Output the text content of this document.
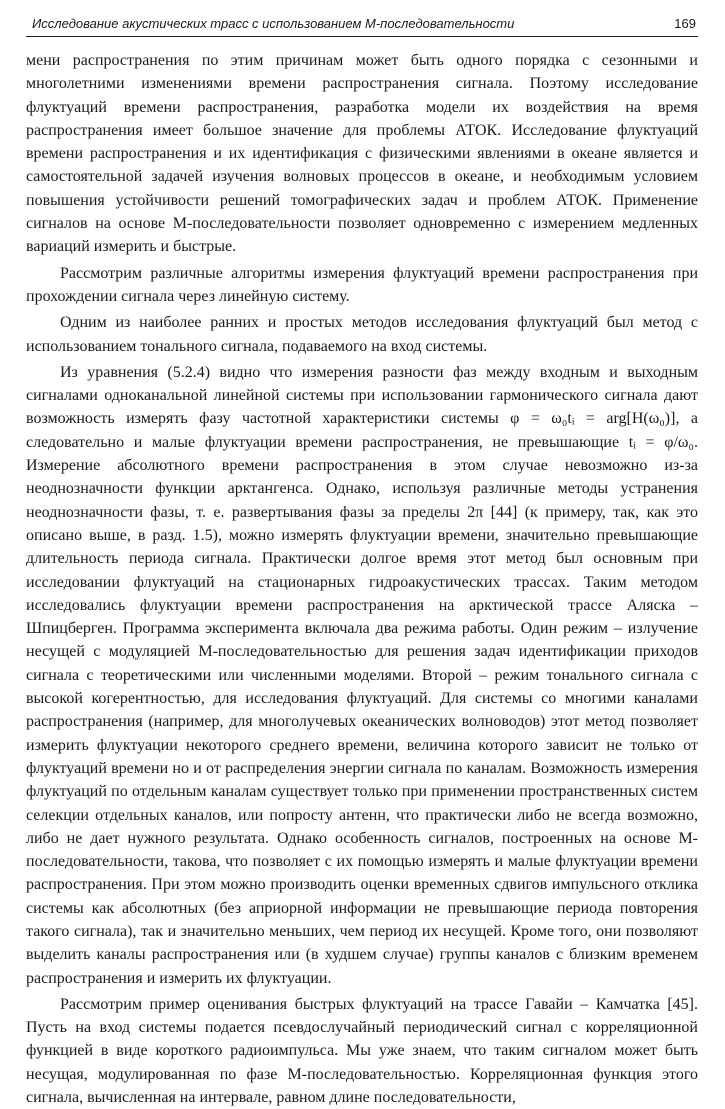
Исследование акустических трасс с использованием М-последовательности	169

мени распространения по этим причинам может быть одного порядка с сезонными и многолетними изменениями времени распространения сигнала. Поэтому исследование флуктуаций времени распространения, разработка модели их воздействия на время распространения имеет большое значение для проблемы АТОК. Исследование флуктуаций времени распространения и их идентификация с физическими явлениями в океане является и самостоятельной задачей изучения волновых процессов в океане, и необходимым условием повышения устойчивости решений томографических задач и проблем АТОК. Применение сигналов на основе М-последовательности позволяет одновременно с измерением медленных вариаций измерить и быстрые.

Рассмотрим различные алгоритмы измерения флуктуаций времени распространения при прохождении сигнала через линейную систему.

Одним из наиболее ранних и простых методов исследования флуктуаций был метод с использованием тонального сигнала, подаваемого на вход системы.

Из уравнения (5.2.4) видно что измерения разности фаз между входным и выходным сигналами одноканальной линейной системы при использовании гармонического сигнала дают возможность измерять фазу частотной характеристики системы φ = ω₀tᵢ = arg[H(ω₀)], а следовательно и малые флуктуации времени распространения, не превышающие tᵢ = φ/ω₀. Измерение абсолютного времени распространения в этом случае невозможно из-за неоднозначности функции арктангенса. Однако, используя различные методы устранения неоднозначности фазы, т. е. развертывания фазы за пределы 2π [44] (к примеру, так, как это описано выше, в разд. 1.5), можно измерять флуктуации времени, значительно превышающие длительность периода сигнала. Практически долгое время этот метод был основным при исследовании флуктуаций на стационарных гидроакустических трассах. Таким методом исследовались флуктуации времени распространения на арктической трассе Аляска – Шпицберген. Программа эксперимента включала два режима работы. Один режим – излучение несущей с модуляцией М-последовательностью для решения задач идентификации приходов сигнала с теоретическими или численными моделями. Второй – режим тонального сигнала с высокой когерентностью, для исследования флуктуаций. Для системы со многими каналами распространения (например, для многолучевых океанических волноводов) этот метод позволяет измерить флуктуации некоторого среднего времени, величина которого зависит не только от флуктуаций времени но и от распределения энергии сигнала по каналам. Возможность измерения флуктуаций по отдельным каналам существует только при применении пространственных систем селекции отдельных каналов, или попросту антенн, что практически либо не всегда возможно, либо не дает нужного результата. Однако особенность сигналов, построенных на основе М-последовательности, такова, что позволяет с их помощью измерять и малые флуктуации времени распространения. При этом можно производить оценки временных сдвигов импульсного отклика системы как абсолютных (без априорной информации не превышающие периода повторения такого сигнала), так и значительно меньших, чем период их несущей. Кроме того, они позволяют выделить каналы распространения или (в худшем случае) группы каналов с близким временем распространения и измерить их флуктуации.

Рассмотрим пример оценивания быстрых флуктуаций на трассе Гавайи – Камчатка [45]. Пусть на вход системы подается псевдослучайный периодический сигнал с корреляционной функцией в виде короткого радиоимпульса. Мы уже знаем, что таким сигналом может быть несущая, модулированная по фазе М-последовательностью. Корреляционная функция этого сигнала, вычисленная на интервале, равном длине последовательности,
